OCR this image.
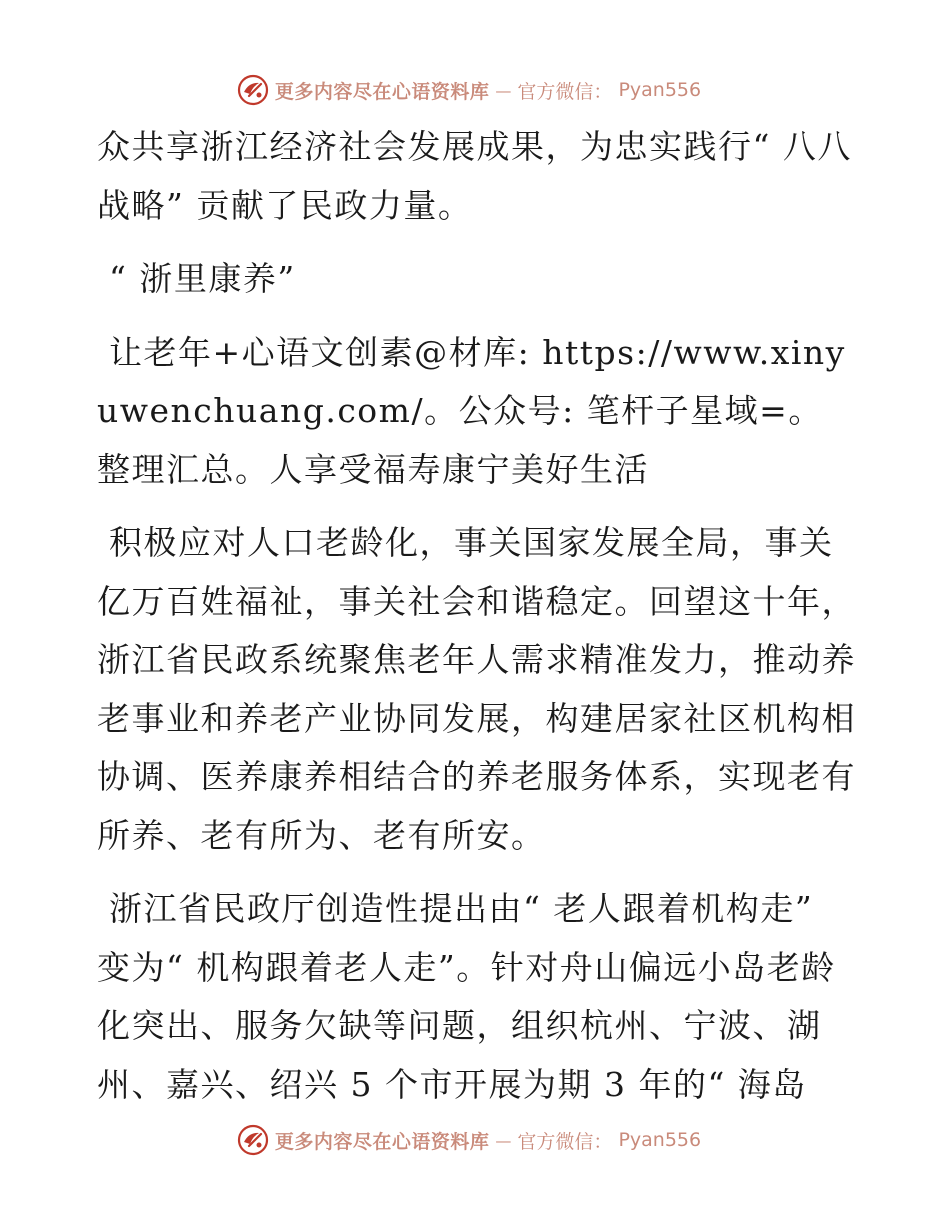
更多内容尽在心语资料库 — 官方微信： Pyan556

众共享浙江经济社会发展成果，为忠实践行“ 八八战略” 贡献了民政力量。

“ 浙里康养”

让老年+心语文创素@材库: https://www.xinyuwenchuang.com/。公众号: 笔杆子星域=。整理汇总。人享受福寿康宁美好生活

积极应对人口老龄化，事关国家发展全局，事关亿万百姓福祉，事关社会和谐稳定。回望这十年，浙江省民政系统聚焦老年人需求精准发力，推动养老事业和养老产业协同发展，构建居家社区机构相协调、医养康养相结合的养老服务体系，实现老有所养、老有所为、老有所安。

浙江省民政厅创造性提出由“ 老人跟着机构走” 变为“ 机构跟着老人走”。针对舟山偏远小岛老龄化突出、服务欠缺等问题，组织杭州、宁波、湖州、嘉兴、绍兴 5 个市开展为期 3 年的“ 海岛

更多内容尽在心语资料库 — 官方微信： Pyan556
